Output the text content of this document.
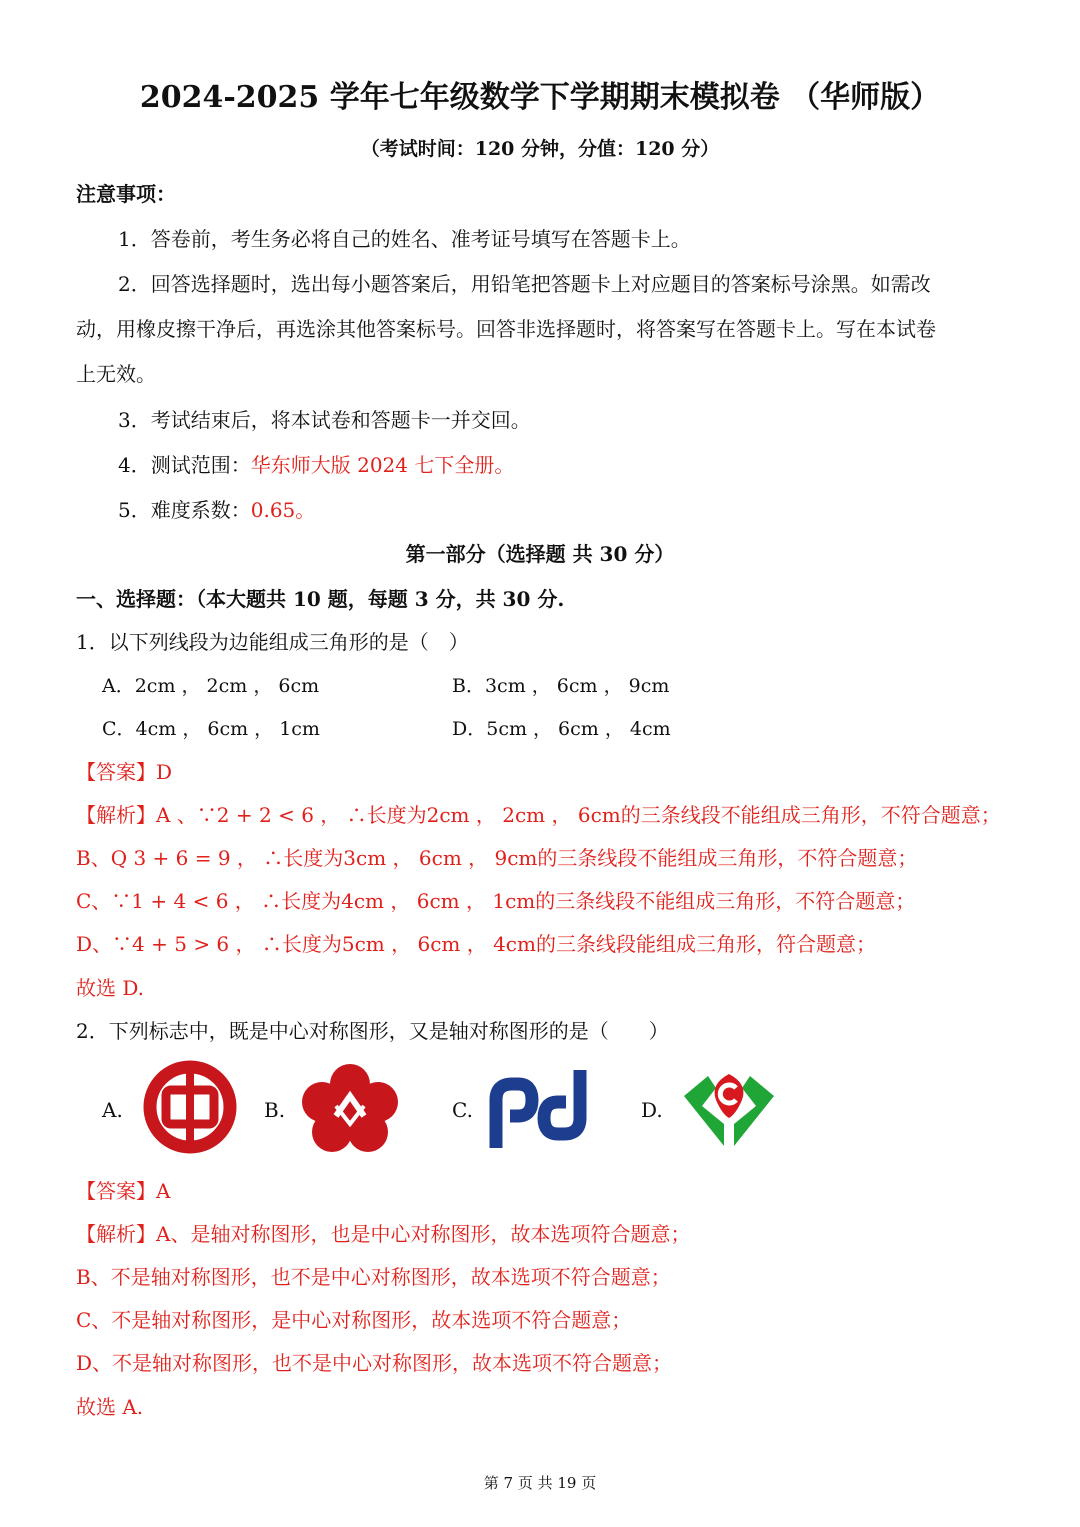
2024-2025 学年七年级数学下学期期末模拟卷 （华师版）
（考试时间：120 分钟，分值：120 分）
注意事项：
1．答卷前，考生务必将自己的姓名、准考证号填写在答题卡上。
2．回答选择题时，选出每小题答案后，用铅笔把答题卡上对应题目的答案标号涂黑。如需改
动，用橡皮擦干净后，再选涂其他答案标号。回答非选择题时，将答案写在答题卡上。写在本试卷
上无效。
3．考试结束后，将本试卷和答题卡一并交回。
4．测试范围：华东师大版 2024 七下全册。
5．难度系数：0.65。
第一部分（选择题 共 30 分）
一、选择题：（本大题共 10 题，每题 3 分，共 30 分.
1．以下列线段为边能组成三角形的是（　）
A．2cm ， 2cm ， 6cm	B．3cm ， 6cm ， 9cm
C．4cm ， 6cm ， 1cm	D．5cm ， 6cm ， 4cm
【答案】D
【解析】A 、∵2 + 2 < 6 ， ∴长度为2cm ， 2cm ， 6cm的三条线段不能组成三角形，不符合题意；
B、Q 3 + 6 = 9 ， ∴长度为3cm ， 6cm ， 9cm的三条线段不能组成三角形，不符合题意；
C、∵1 + 4 < 6 ， ∴长度为4cm ， 6cm ， 1cm的三条线段不能组成三角形，不符合题意；
D、∵4 + 5 > 6 ， ∴长度为5cm ， 6cm ， 4cm的三条线段能组成三角形，符合题意；
故选 D.
2．下列标志中，既是中心对称图形，又是轴对称图形的是（　　）
A.	B.	C.	D.
【答案】A
【解析】A、是轴对称图形，也是中心对称图形，故本选项符合题意；
B、不是轴对称图形，也不是中心对称图形，故本选项不符合题意；
C、不是轴对称图形，是中心对称图形，故本选项不符合题意；
D、不是轴对称图形，也不是中心对称图形，故本选项不符合题意；
故选 A.
第 7 页 共 19 页
